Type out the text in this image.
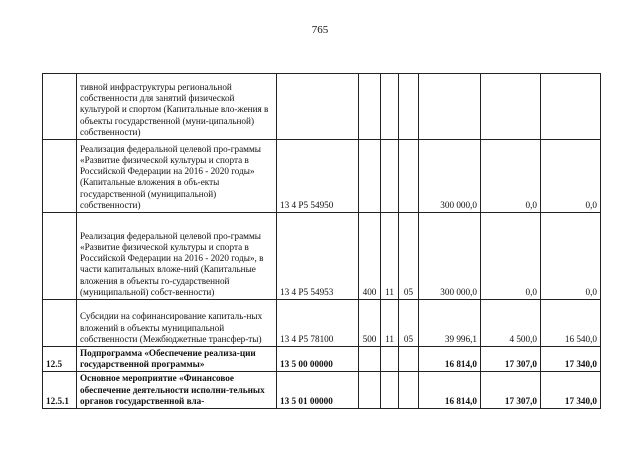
765
	тивной инфраструктуры региональной собственности для занятий физической культурой и спортом (Капитальные вло-жения в объекты государственной (муни-ципальной) собственности)							
	Реализация федеральной целевой про-граммы «Развитие физической культуры и спорта в Российской Федерации на 2016 - 2020 годы» (Капитальные вложения в объ-екты государственной (муниципальной) собственности)	13 4 P5 54950				300 000,0	0,0	0,0
	Реализация федеральной целевой про-граммы «Развитие физической культуры и спорта в Российской Федерации на 2016 - 2020 годы», в части капитальных вложе-ний (Капитальные вложения в объекты го-сударственной (муниципальной) собст-венности)	13 4 P5 54953	400	11	05	300 000,0	0,0	0,0
	Субсидии на софинансирование капиталь-ных вложений в объекты муниципальной собственности (Межбюджетные трансфер-ты)	13 4 P5 78100	500	11	05	39 996,1	4 500,0	16 540,0
12.5	Подпрограмма «Обеспечение реализа-ции государственной программы»	13 5 00 00000				16 814,0	17 307,0	17 340,0
12.5.1	Основное мероприятие «Финансовое обеспечение деятельности исполни-тельных органов государственной вла-	13 5 01 00000				16 814,0	17 307,0	17 340,0
